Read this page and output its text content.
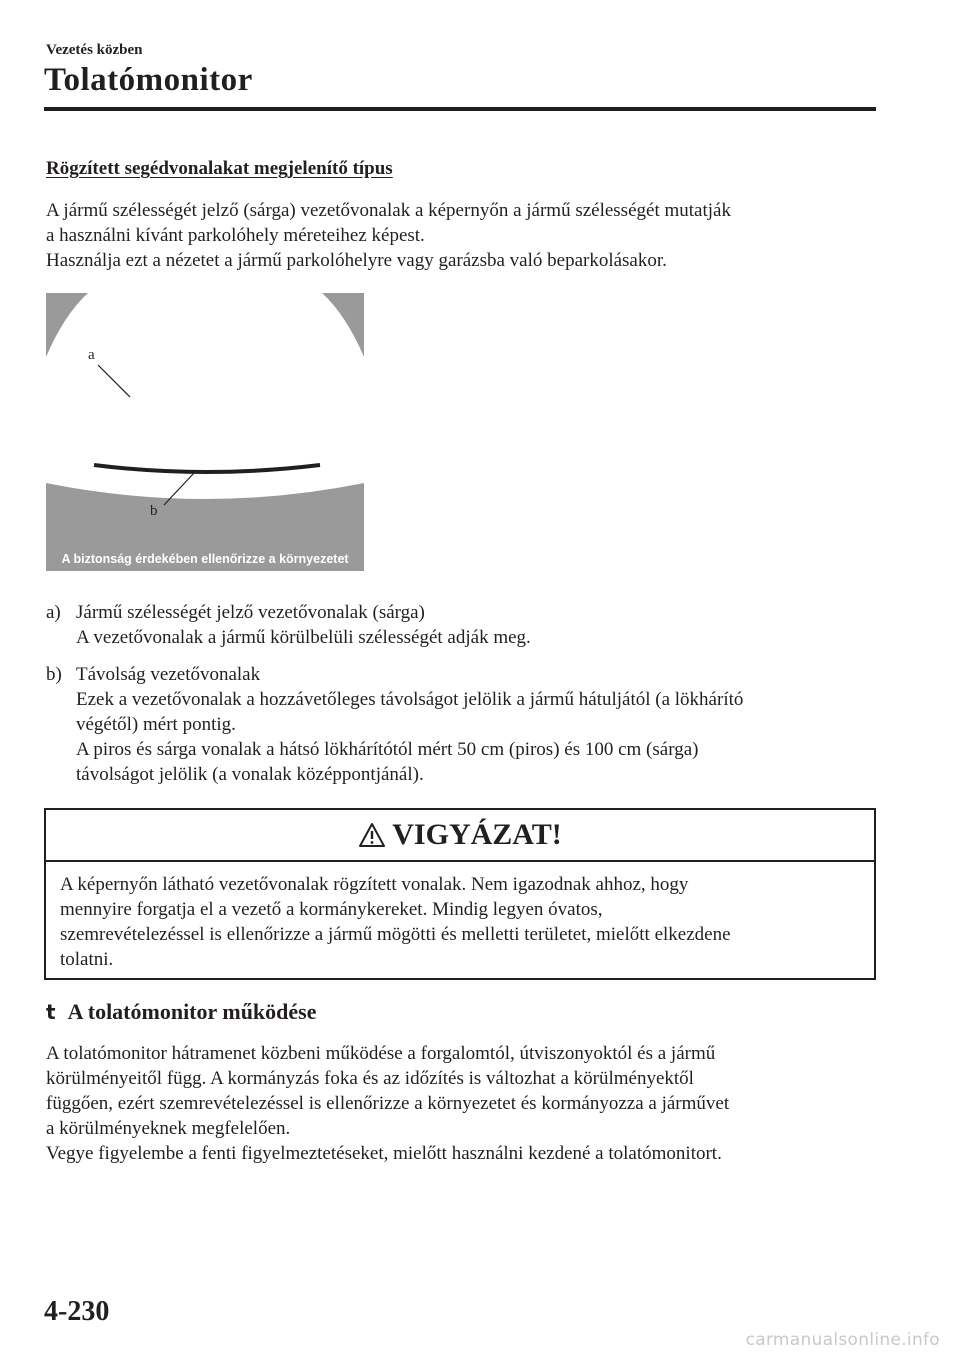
Vezetés közben
Tolatómonitor
Rögzített segédvonalakat megjelenítő típus

A jármű szélességét jelző (sárga) vezetővonalak a képernyőn a jármű szélességét mutatják

a használni kívánt parkolóhely méreteihez képest.

Használja ezt a nézetet a jármű parkolóhelyre vagy garázsba való beparkolásakor.

a
b
A biztonság érdekében ellenőrizze a környezetet
a) Jármű szélességét jelző vezetővonalak (sárga)
A vezetővonalak a jármű körülbelüli szélességét adják meg.
b) Távolság vezetővonalak
Ezek a vezetővonalak a hozzávetőleges távolságot jelölik a jármű hátuljától (a lökhárító
végétől) mért pontig.
A piros és sárga vonalak a hátsó lökhárítótól mért 50 cm (piros) és 100 cm (sárga)
távolságot jelölik (a vonalak középpontjánál).
VIGYÁZAT!
A képernyőn látható vezetővonalak rögzített vonalak. Nem igazodnak ahhoz, hogy
mennyire forgatja el a vezető a kormánykereket. Mindig legyen óvatos,
szemrevételezéssel is ellenőrizze a jármű mögötti és melletti területet, mielőtt elkezdene
tolatni.
t A tolatómonitor működése

A tolatómonitor hátramenet közbeni működése a forgalomtól, útviszonyoktól és a jármű

körülményeitől függ. A kormányzás foka és az időzítés is változhat a körülményektől

függően, ezért szemrevételezéssel is ellenőrizze a környezetet és kormányozza a járművet

a körülményeknek megfelelően.

Vegye figyelembe a fenti figyelmeztetéseket, mielőtt használni kezdené a tolatómonitort.

4-230
carmanualsonline.info
